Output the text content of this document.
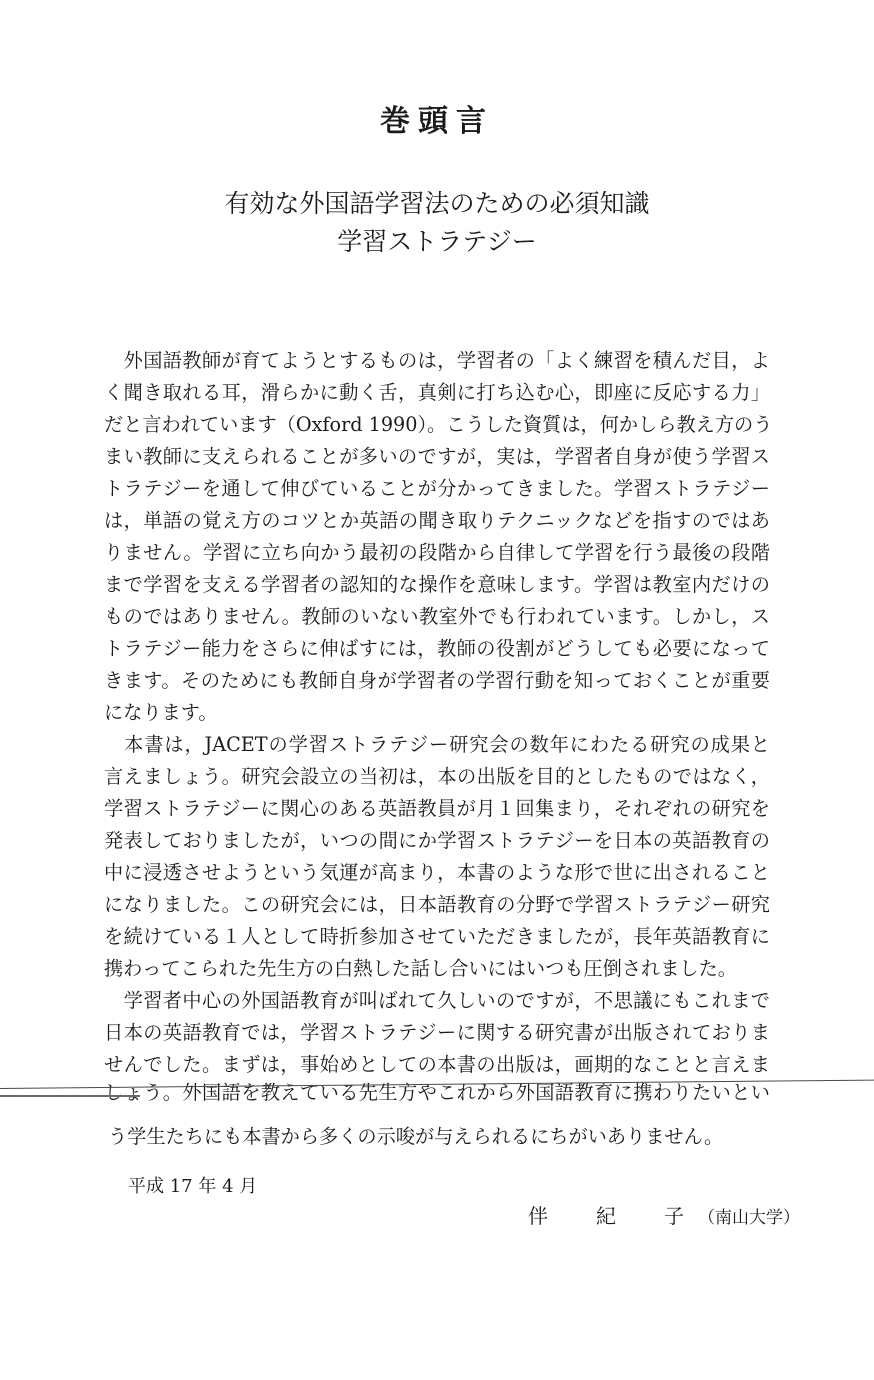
巻頭言
有効な外国語学習法のための必須知識
学習ストラテジー
　外国語教師が育てようとするものは，学習者の「よく練習を積んだ目，よ
く聞き取れる耳，滑らかに動く舌，真剣に打ち込む心，即座に反応する力」
だと言われています（Oxford 1990）。こうした資質は，何かしら教え方のう
まい教師に支えられることが多いのですが，実は，学習者自身が使う学習ス
トラテジーを通して伸びていることが分かってきました。学習ストラテジー
は，単語の覚え方のコツとか英語の聞き取りテクニックなどを指すのではあ
りません。学習に立ち向かう最初の段階から自律して学習を行う最後の段階
まで学習を支える学習者の認知的な操作を意味します。学習は教室内だけの
ものではありません。教師のいない教室外でも行われています。しかし，ス
トラテジー能力をさらに伸ばすには，教師の役割がどうしても必要になって
きます。そのためにも教師自身が学習者の学習行動を知っておくことが重要
になります。
　本書は，JACETの学習ストラテジー研究会の数年にわたる研究の成果と
言えましょう。研究会設立の当初は，本の出版を目的としたものではなく，
学習ストラテジーに関心のある英語教員が月１回集まり，それぞれの研究を
発表しておりましたが，いつの間にか学習ストラテジーを日本の英語教育の
中に浸透させようという気運が高まり，本書のような形で世に出されること
になりました。この研究会には，日本語教育の分野で学習ストラテジー研究
を続けている１人として時折参加させていただきましたが，長年英語教育に
携わってこられた先生方の白熱した話し合いにはいつも圧倒されました。
　学習者中心の外国語教育が叫ばれて久しいのですが，不思議にもこれまで
日本の英語教育では，学習ストラテジーに関する研究書が出版されておりま
せんでした。まずは，事始めとしての本書の出版は，画期的なことと言えま
しょう。外国語を教えている先生方やこれから外国語教育に携わりたいとい
う学生たちにも本書から多くの示唆が与えられるにちがいありません。
平成 17 年 4 月
伴　紀　子（南山大学）
